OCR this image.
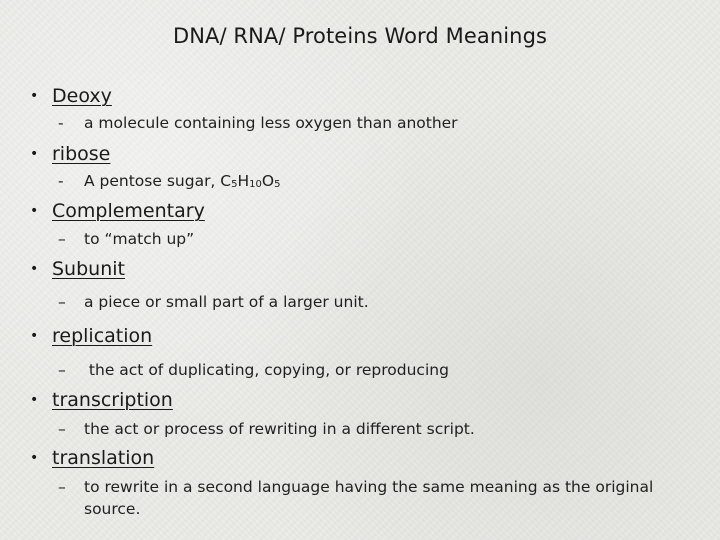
DNA/ RNA/ Proteins Word Meanings
• Deoxy
- a molecule containing less oxygen than another
• ribose
- A pentose sugar, $C_5H_{10}O_5$
• Complementary
– to “match up”
• Subunit
– a piece or small part of a larger unit.
• replication
– the act of duplicating, copying, or reproducing
• transcription
– the act or process of rewriting in a different script.
• translation
– to rewrite in a second language having the same meaning as the original source.
